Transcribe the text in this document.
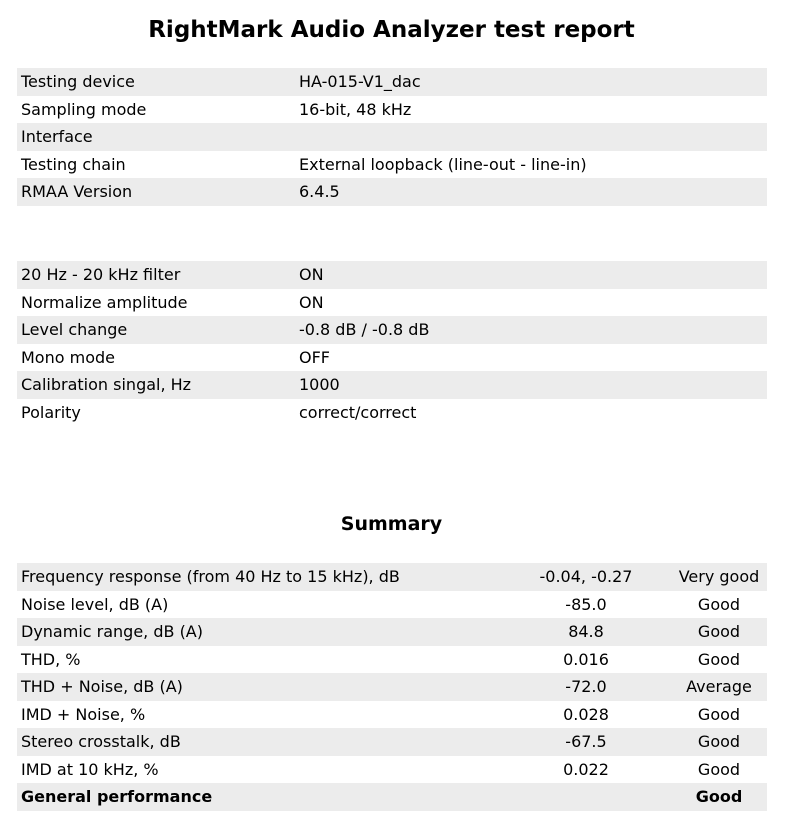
RightMark Audio Analyzer test report
Testing device	HA-015-V1_dac
Sampling mode	16-bit, 48 kHz
Interface	
Testing chain	External loopback (line-out - line-in)
RMAA Version	6.4.5
20 Hz - 20 kHz filter	ON
Normalize amplitude	ON
Level change	-0.8 dB / -0.8 dB
Mono mode	OFF
Calibration singal, Hz	1000
Polarity	correct/correct
Summary
Frequency response (from 40 Hz to 15 kHz), dB	-0.04, -0.27	Very good
Noise level, dB (A)	-85.0	Good
Dynamic range, dB (A)	84.8	Good
THD, %	0.016	Good
THD + Noise, dB (A)	-72.0	Average
IMD + Noise, %	0.028	Good
Stereo crosstalk, dB	-67.5	Good
IMD at 10 kHz, %	0.022	Good
General performance		Good
